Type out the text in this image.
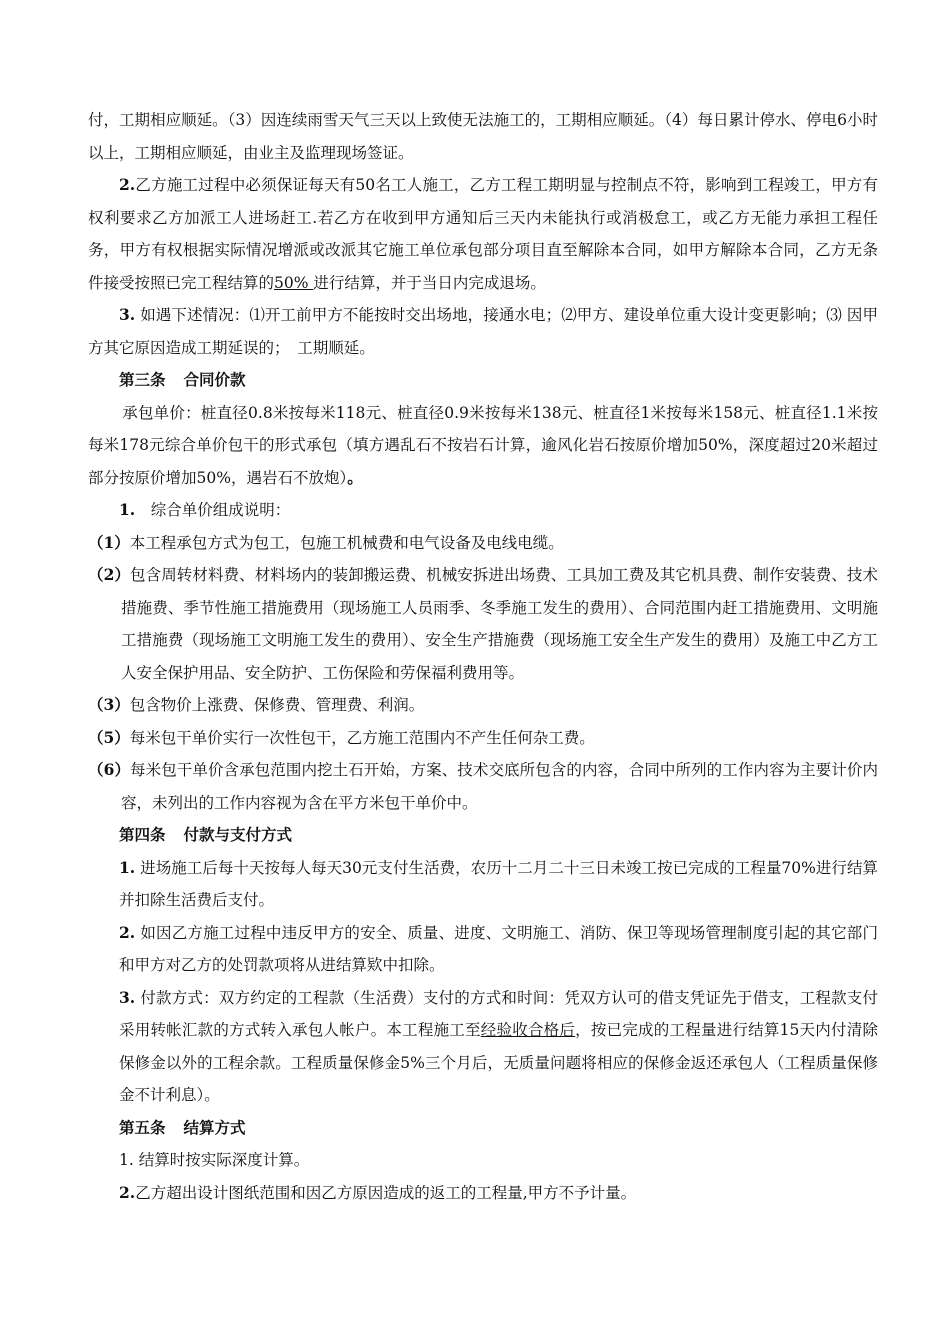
付，工期相应顺延。（3）因连续雨雪天气三天以上致使无法施工的，工期相应顺延。（4）每日累计停水、停电6小时以上，工期相应顺延，由业主及监理现场签证。

2.乙方施工过程中必须保证每天有50名工人施工，乙方工程工期明显与控制点不符，影响到工程竣工，甲方有权利要求乙方加派工人进场赶工.若乙方在收到甲方通知后三天内未能执行或消极怠工，或乙方无能力承担工程任务，甲方有权根据实际情况增派或改派其它施工单位承包部分项目直至解除本合同，如甲方解除本合同，乙方无条件接受按照已完工程结算的50% 进行结算，并于当日内完成退场。

3. 如遇下述情况：⑴开工前甲方不能按时交出场地，接通水电；⑵甲方、建设单位重大设计变更影响；⑶ 因甲方其它原因造成工期延误的；　工期顺延。

第三条 合同价款

承包单价：桩直径0.8米按每米118元、桩直径0.9米按每米138元、桩直径1米按每米158元、桩直径1.1米按每米178元综合单价包干的形式承包（填方遇乱石不按岩石计算，逾风化岩石按原价增加50%，深度超过20米超过部分按原价增加50%，遇岩石不放炮）。

1.　综合单价组成说明：

（1）本工程承包方式为包工，包施工机械费和电气设备及电线电缆。

（2）包含周转材料费、材料场内的装卸搬运费、机械安拆进出场费、工具加工费及其它机具费、制作安装费、技术措施费、季节性施工措施费用（现场施工人员雨季、冬季施工发生的费用）、合同范围内赶工措施费用、文明施工措施费（现场施工文明施工发生的费用）、安全生产措施费（现场施工安全生产发生的费用）及施工中乙方工人安全保护用品、安全防护、工伤保险和劳保福利费用等。

（3）包含物价上涨费、保修费、管理费、利润。

（5）每米包干单价实行一次性包干，乙方施工范围内不产生任何杂工费。

（6）每米包干单价含承包范围内挖土石开始，方案、技术交底所包含的内容，合同中所列的工作内容为主要计价内容，未列出的工作内容视为含在平方米包干单价中。

第四条 付款与支付方式

1. 进场施工后每十天按每人每天30元支付生活费，农历十二月二十三日未竣工按已完成的工程量70%进行结算并扣除生活费后支付。

2. 如因乙方施工过程中违反甲方的安全、质量、进度、文明施工、消防、保卫等现场管理制度引起的其它部门和甲方对乙方的处罚款项将从进结算欵中扣除。

3. 付款方式：双方约定的工程款（生活费）支付的方式和时间：凭双方认可的借支凭证先于借支，工程款支付采用转帐汇款的方式转入承包人帐户。本工程施工至经验收合格后，按已完成的工程量进行结算15天内付清除保修金以外的工程余款。工程质量保修金5%三个月后，无质量问题将相应的保修金返还承包人（工程质量保修金不计利息）。

第五条 结算方式

1. 结算时按实际深度计算。

2.乙方超出设计图纸范围和因乙方原因造成的返工的工程量,甲方不予计量。
